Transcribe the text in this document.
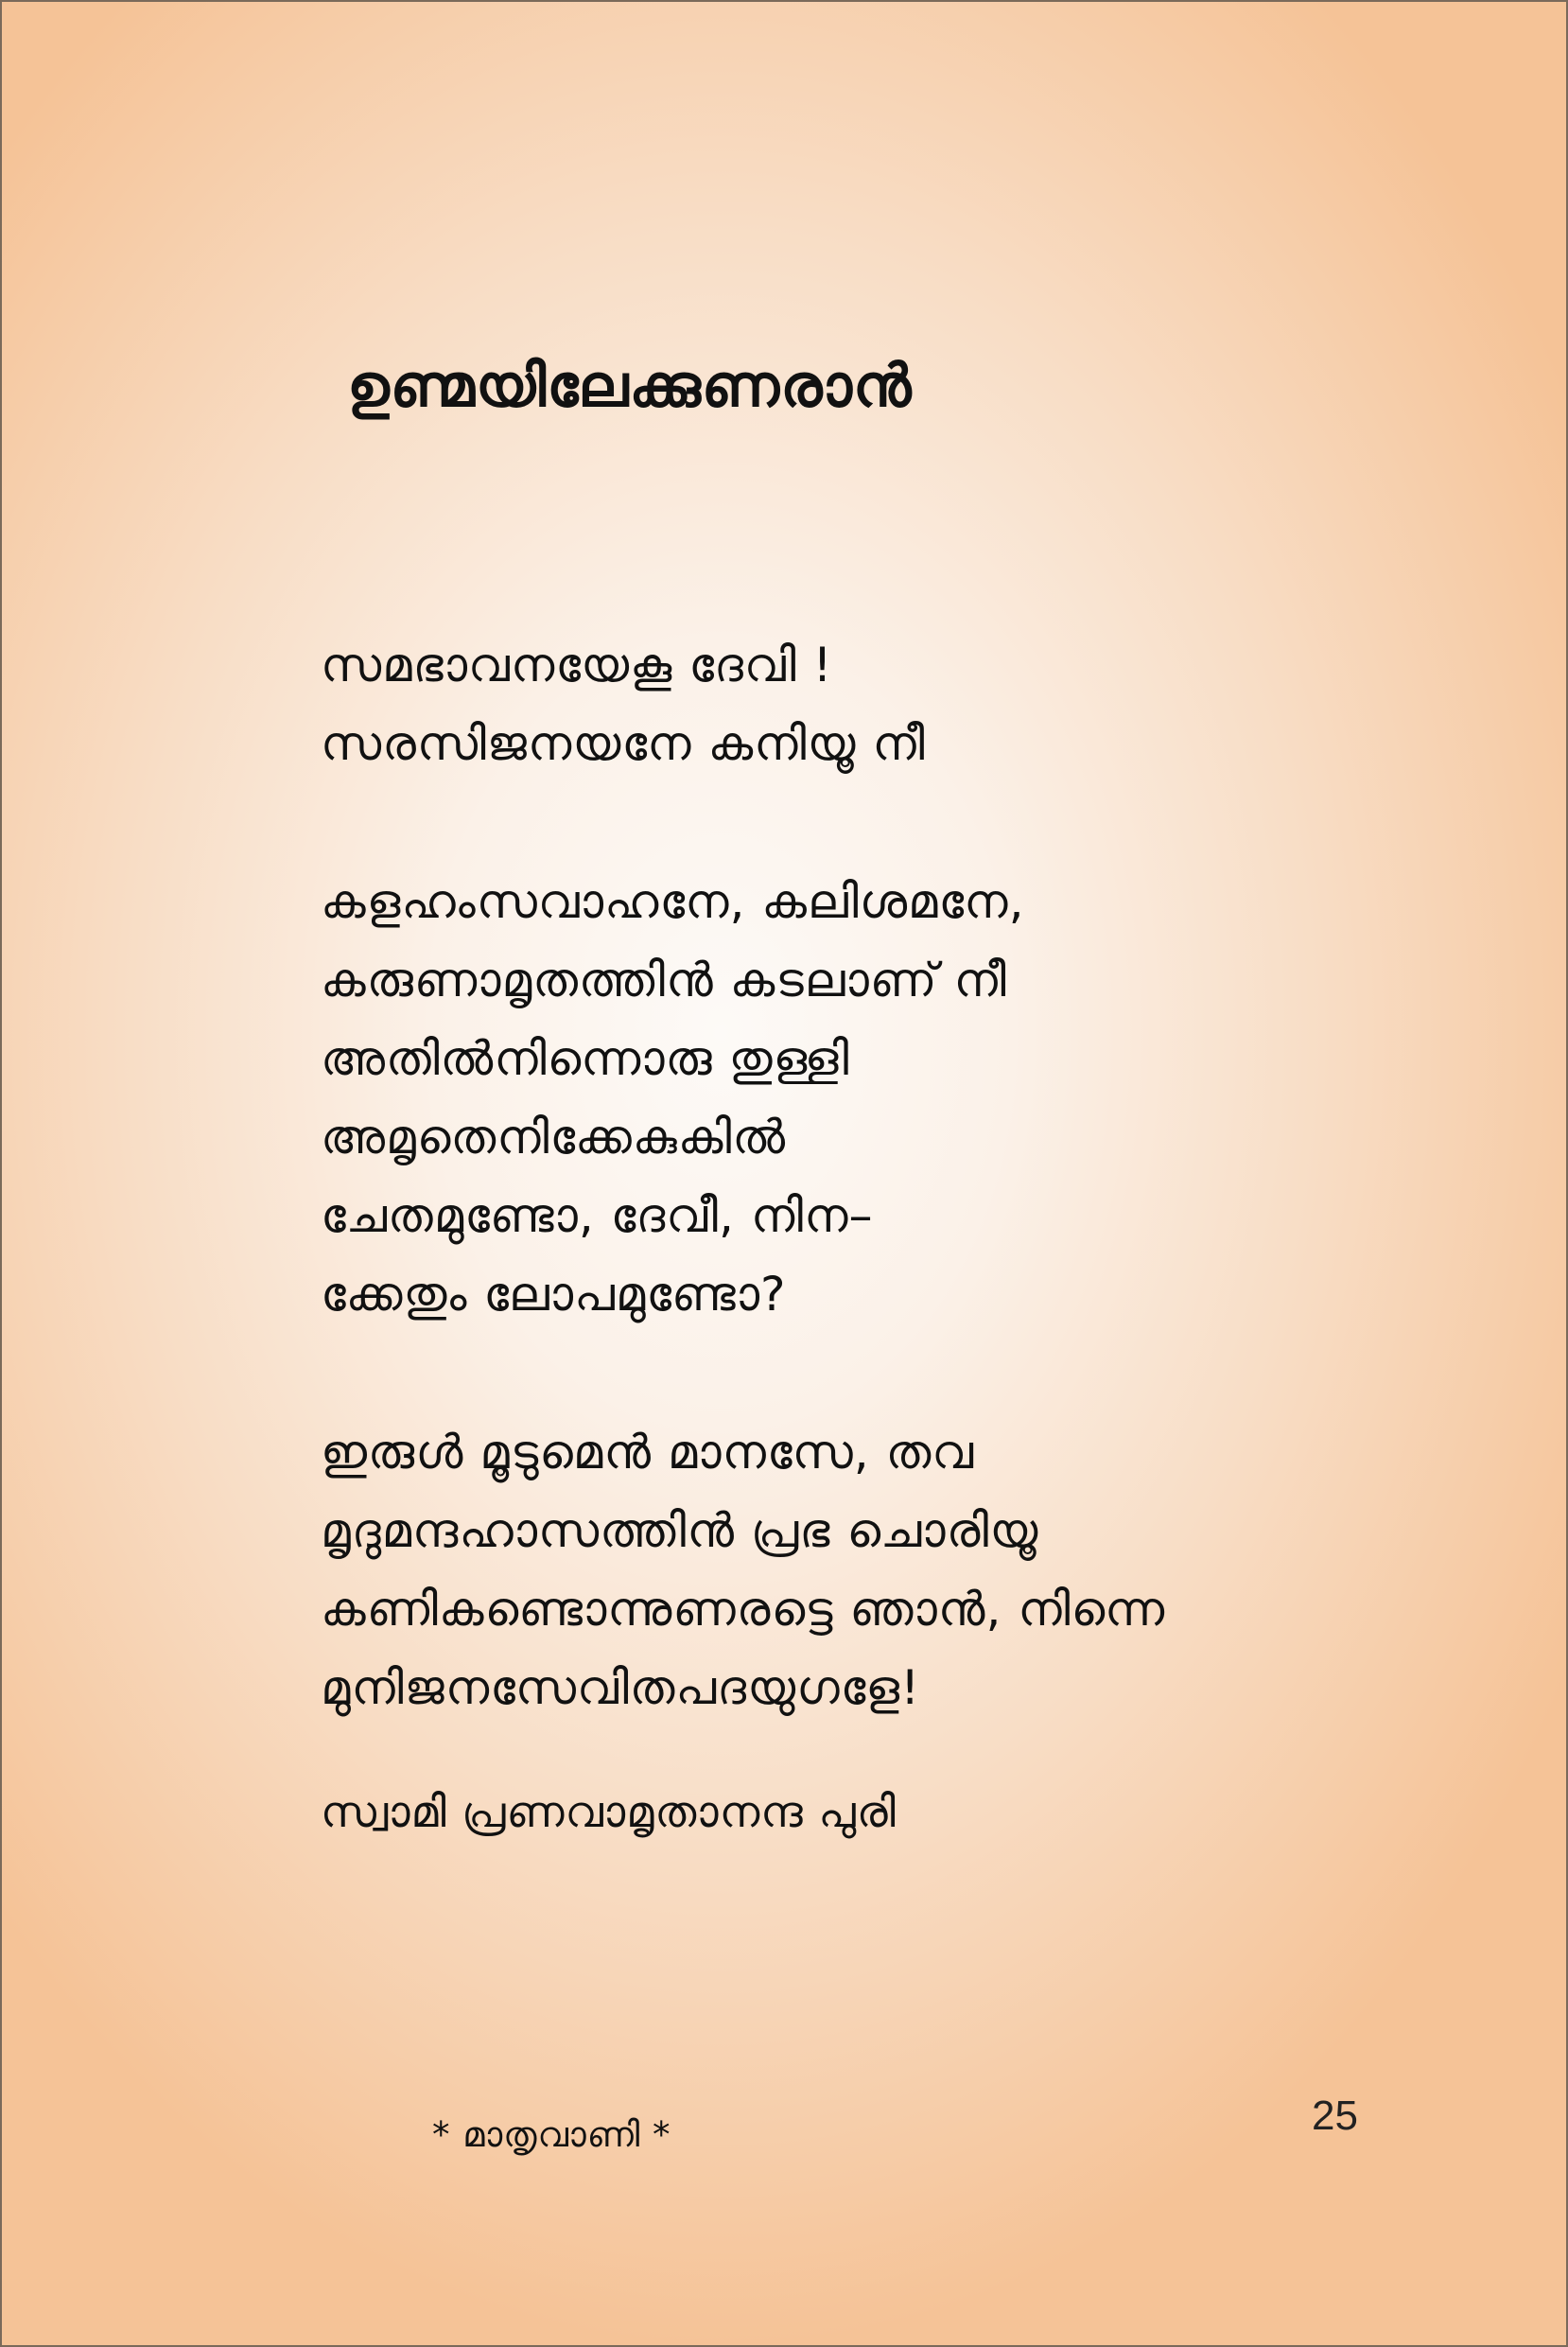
ഉണ്മയിലേക്കുണരാൻ
സമഭാവനയേകൂ ദേവി !
സരസിജനയനേ കനിയൂ നീ
കളഹംസവാഹനേ, കലിശമനേ,
കരുണാമൃതത്തിൻ കടലാണ് നീ
അതിൽനിന്നൊരു തുള്ളി
അമൃതെനിക്കേകുകിൽ
ചേതമുണ്ടോ, ദേവീ, നിന–
ക്കേതും ലോപമുണ്ടോ?
ഇരുൾ മൂടുമെൻ മാനസേ, തവ
മൃദുമന്ദഹാസത്തിൻ പ്രഭ ചൊരിയൂ
കണികണ്ടൊന്നുണരട്ടെ ഞാൻ, നിന്നെ
മുനിജനസേവിതപദയുഗളേ!
സ്വാമി പ്രണവാമൃതാനന്ദ പുരി
* മാതൃവാണി *	25
